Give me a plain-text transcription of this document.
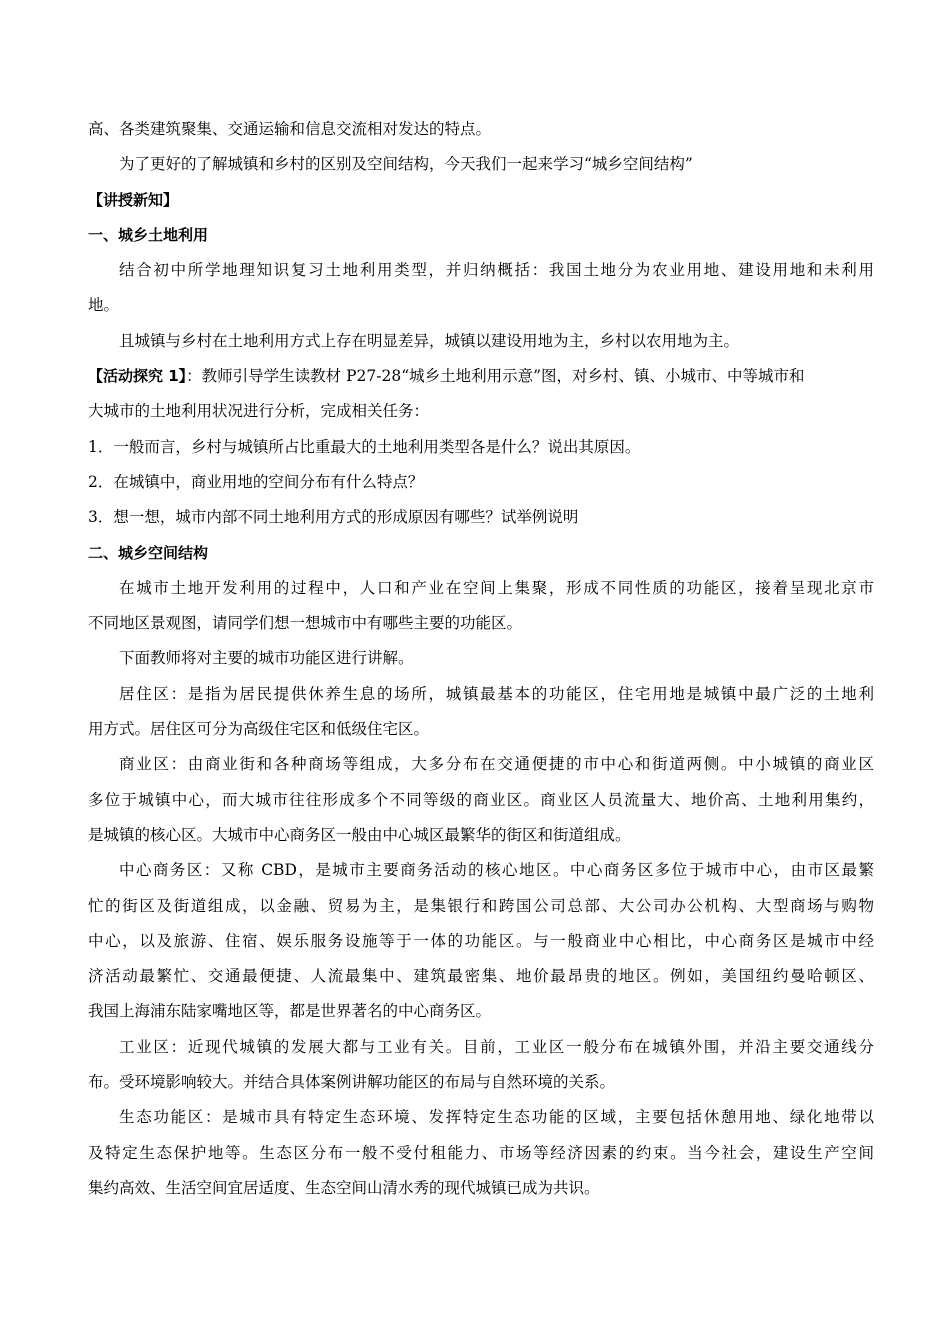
高、各类建筑聚集、交通运输和信息交流相对发达的特点。
为了更好的了解城镇和乡村的区别及空间结构，今天我们一起来学习“城乡空间结构”
【讲授新知】
一、城乡土地利用
结合初中所学地理知识复习土地利用类型，并归纳概括：我国土地分为农业用地、建设用地和未利用
地。
且城镇与乡村在土地利用方式上存在明显差异，城镇以建设用地为主，乡村以农用地为主。
【活动探究 1】：教师引导学生读教材 P27-28“城乡土地利用示意”图，对乡村、镇、小城市、中等城市和
大城市的土地利用状况进行分析，完成相关任务：
1．一般而言，乡村与城镇所占比重最大的土地利用类型各是什么？说出其原因。
2．在城镇中，商业用地的空间分布有什么特点？
3．想一想，城市内部不同土地利用方式的形成原因有哪些？试举例说明
二、城乡空间结构
在城市土地开发利用的过程中，人口和产业在空间上集聚，形成不同性质的功能区，接着呈现北京市
不同地区景观图，请同学们想一想城市中有哪些主要的功能区。
下面教师将对主要的城市功能区进行讲解。
居住区：是指为居民提供休养生息的场所，城镇最基本的功能区，住宅用地是城镇中最广泛的土地利
用方式。居住区可分为高级住宅区和低级住宅区。
商业区：由商业街和各种商场等组成，大多分布在交通便捷的市中心和街道两侧。中小城镇的商业区
多位于城镇中心，而大城市往往形成多个不同等级的商业区。商业区人员流量大、地价高、土地利用集约，
是城镇的核心区。大城市中心商务区一般由中心城区最繁华的街区和街道组成。
中心商务区：又称 CBD，是城市主要商务活动的核心地区。中心商务区多位于城市中心，由市区最繁
忙的街区及街道组成，以金融、贸易为主，是集银行和跨国公司总部、大公司办公机构、大型商场与购物
中心，以及旅游、住宿、娱乐服务设施等于一体的功能区。与一般商业中心相比，中心商务区是城市中经
济活动最繁忙、交通最便捷、人流最集中、建筑最密集、地价最昂贵的地区。例如，美国纽约曼哈顿区、
我国上海浦东陆家嘴地区等，都是世界著名的中心商务区。
工业区：近现代城镇的发展大都与工业有关。目前，工业区一般分布在城镇外围，并沿主要交通线分
布。受环境影响较大。并结合具体案例讲解功能区的布局与自然环境的关系。
生态功能区：是城市具有特定生态环境、发挥特定生态功能的区域，主要包括休憩用地、绿化地带以
及特定生态保护地等。生态区分布一般不受付租能力、市场等经济因素的约束。当今社会，建设生产空间
集约高效、生活空间宜居适度、生态空间山清水秀的现代城镇已成为共识。
